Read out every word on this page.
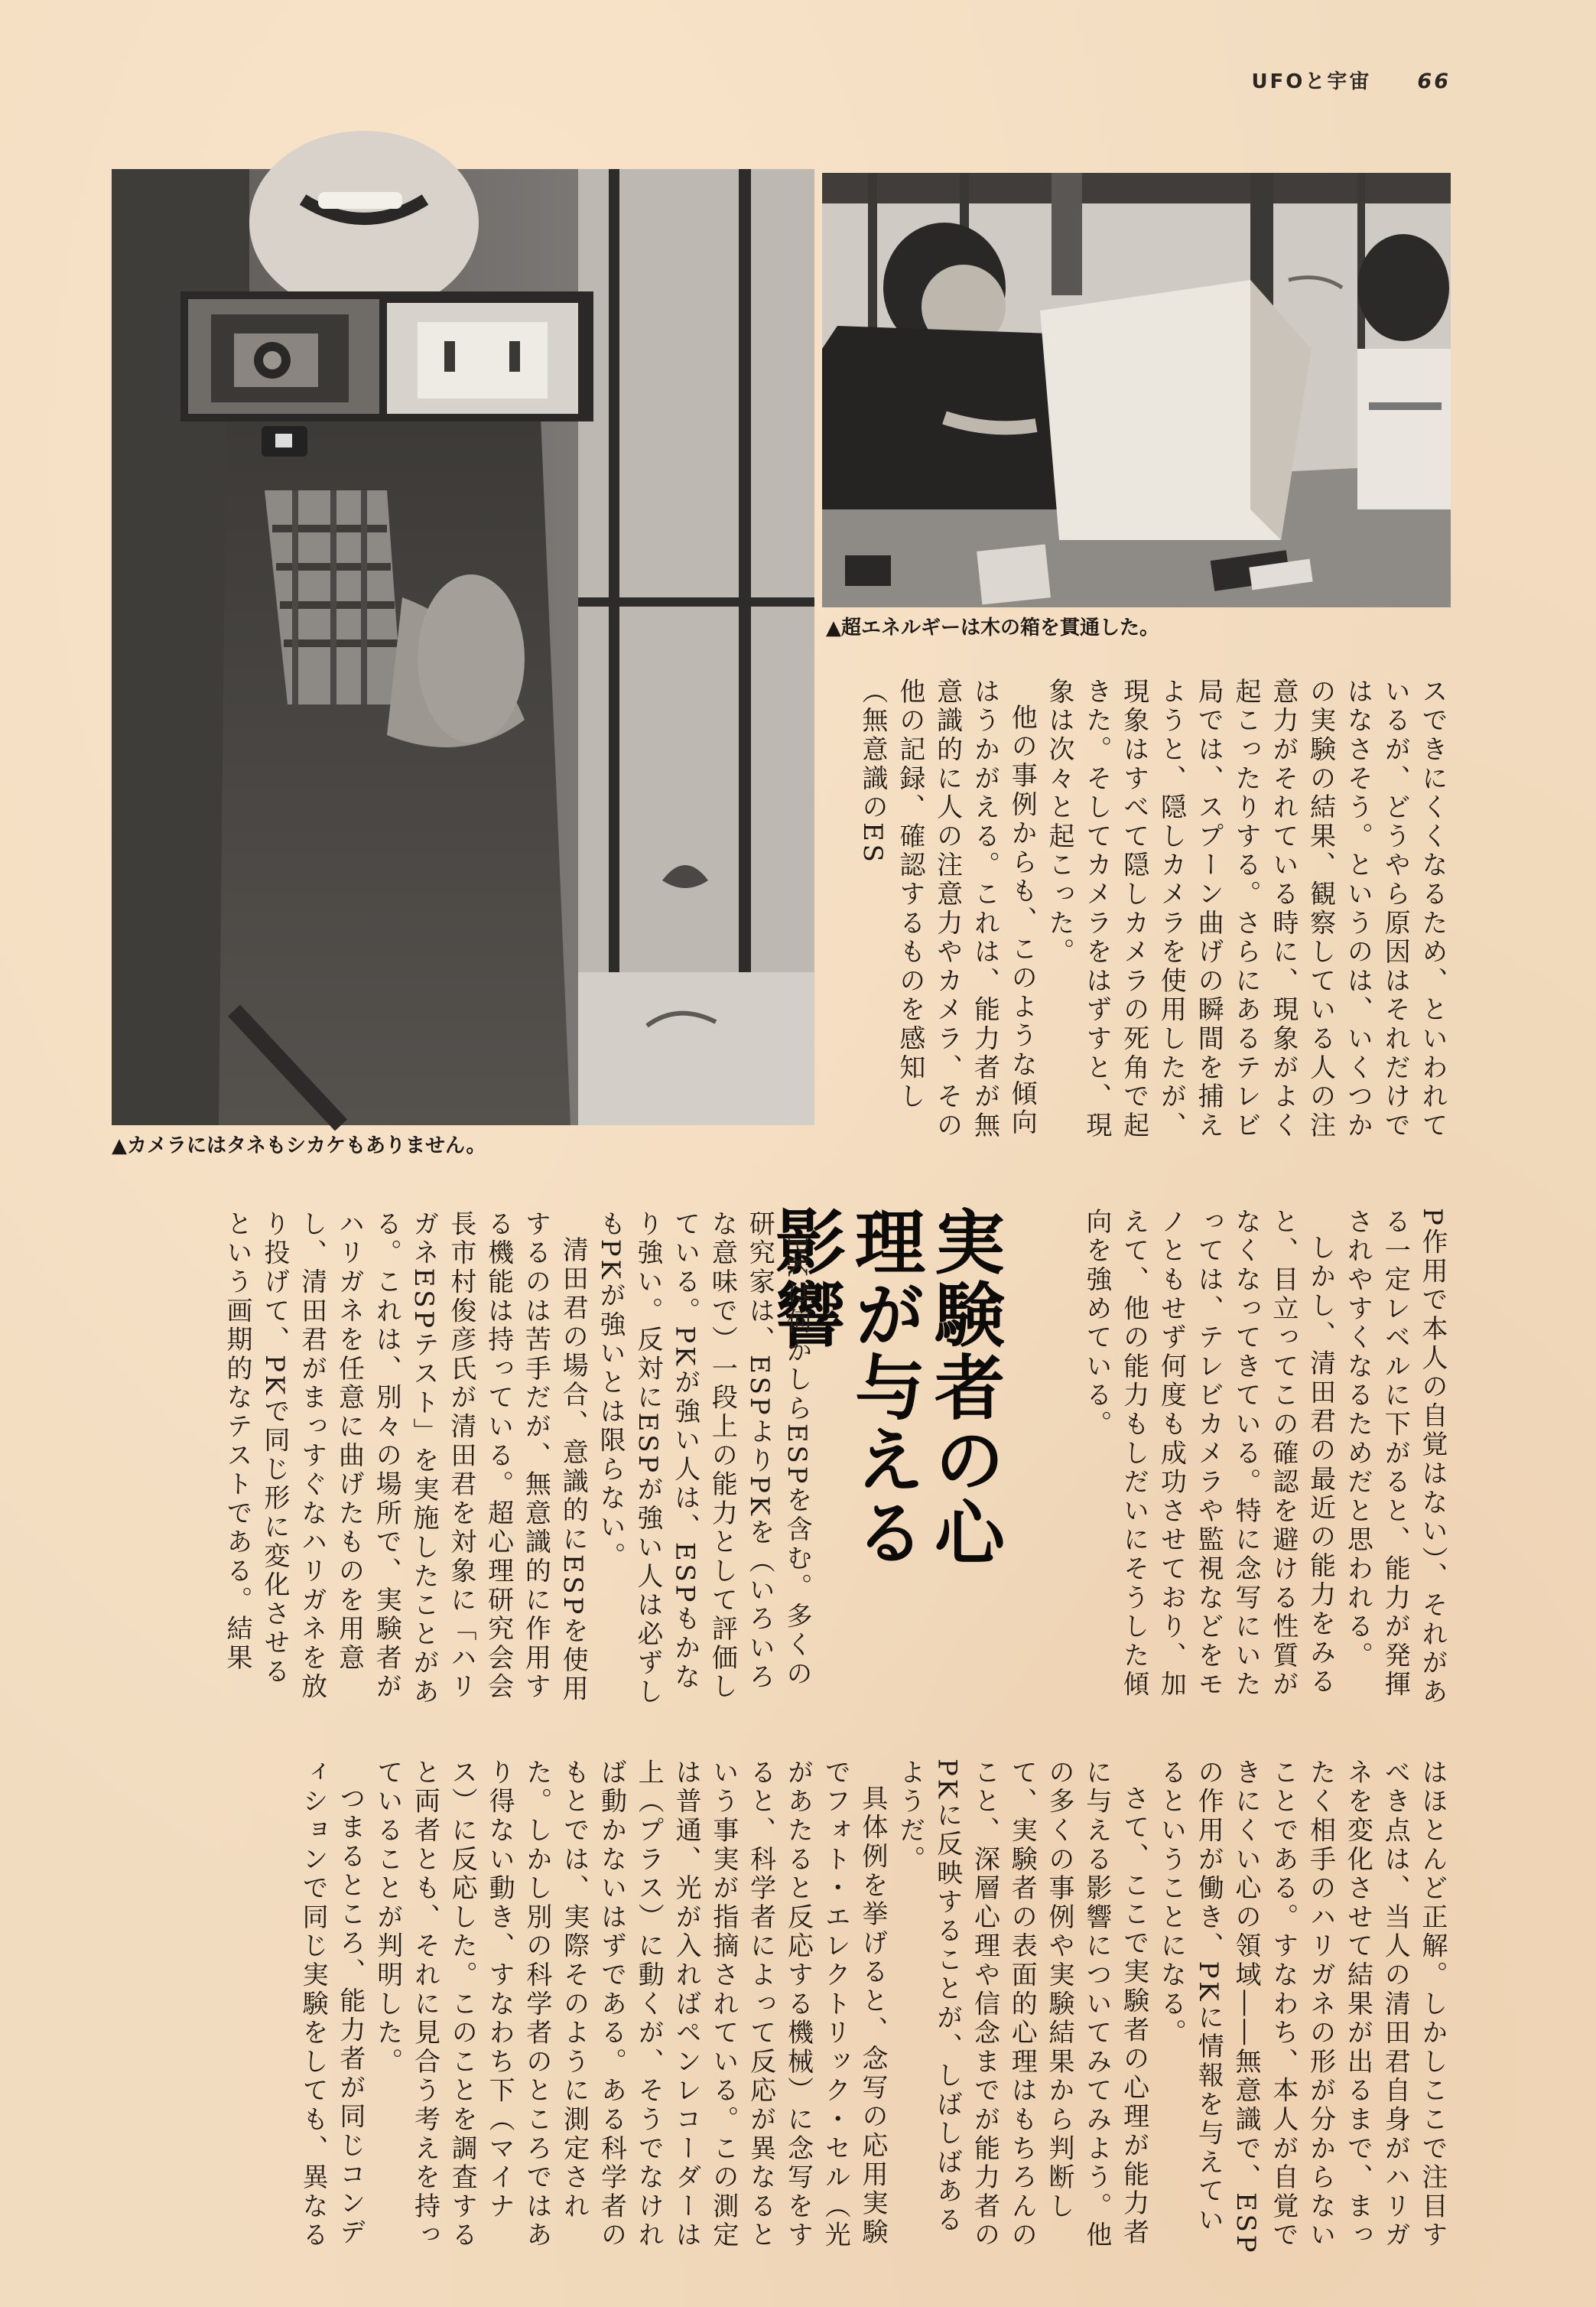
UFOと宇宙 66
▲カメラにはタネもシカケもありません。
▲超エネルギーは木の箱を貫通した。
スできにくくなるため、といわれているが、どうやら原因はそれだけではなさそう。というのは、いくつかの実験の結果、観察している人の注意力がそれている時に、現象がよく起こったりする。さらにあるテレビ局では、スプーン曲げの瞬間を捕えようと、隠しカメラを使用したが、現象はすべて隠しカメラの死角で起きた。そしてカメラをはずすと、現象は次々と起こった。
他の事例からも、このような傾向はうかがえる。これは、能力者が無意識的に人の注意力やカメラ、その他の記録、確認するものを感知し（無意識のES
P作用で本人の自覚はない）、それがある一定レベルに下がると、能力が発揮されやすくなるためだと思われる。
しかし、清田君の最近の能力をみると、目立ってこの確認を避ける性質がなくなってきている。特に念写にいたっては、テレビカメラや監視などをモノともせず何度も成功させており、加えて、他の能力もしだいにそうした傾向を強めている。
実験者の心理が与える影響
PKは何かしらESPを含む。多くの研究家は、ESPよりPKを（いろいろな意味で）一段上の能力として評価している。PKが強い人は、ESPもかなり強い。反対にESPが強い人は必ずしもPKが強いとは限らない。
清田君の場合、意識的にESPを使用するのは苦手だが、無意識的に作用する機能は持っている。超心理研究会会長市村俊彦氏が清田君を対象に「ハリガネESPテスト」を実施したことがある。これは、別々の場所で、実験者がハリガネを任意に曲げたものを用意し、清田君がまっすぐなハリガネを放り投げて、PKで同じ形に変化させるという画期的なテストである。結果
はほとんど正解。しかしここで注目すべき点は、当人の清田君自身がハリガネを変化させて結果が出るまで、まったく相手のハリガネの形が分からないことである。すなわち、本人が自覚できにくい心の領域――無意識で、ESPの作用が働き、PKに情報を与えているということになる。
さて、ここで実験者の心理が能力者に与える影響についてみてみよう。他の多くの事例や実験結果から判断して、実験者の表面的心理はもちろんのこと、深層心理や信念までが能力者のPKに反映することが、しばしばあるようだ。
具体例を挙げると、念写の応用実験でフォト・エレクトリック・セル（光があたると反応する機械）に念写をすると、科学者によって反応が異なるという事実が指摘されている。この測定は普通、光が入ればペンレコーダーは上（プラス）に動くが、そうでなければ動かないはずである。ある科学者のもとでは、実際そのように測定された。しかし別の科学者のところではあり得ない動き、すなわち下（マイナス）に反応した。このことを調査すると両者とも、それに見合う考えを持っていることが判明した。
つまるところ、能力者が同じコンディションで同じ実験をしても、異なる
